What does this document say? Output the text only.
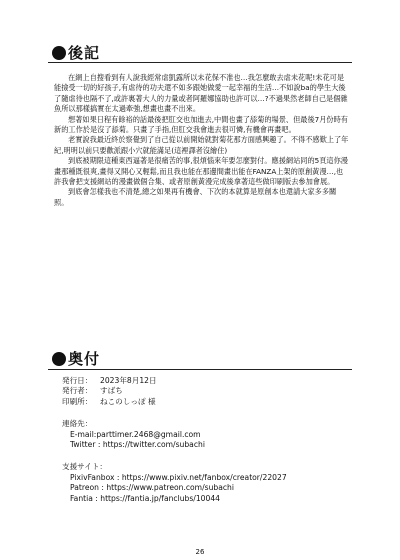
後記

在網上自搜看到有人說我經常虐凱露所以未花保不准也…我怎麼敢去虐未花呢!未花可是能撿受一切的好孩子,有虐待的功夫還不如多跟她做愛一起幸福的生活…不如說ba的學生大後了隨虐待也隔不了,或許裏著大人的力量或者阿羅娜協助也許可以…?不過果然老師自己是個雜魚所以那樣搞實在太過牽強,想畫也畫不出來。

想著如果日程有餘裕的話最後把肛交也加進去,中間也畫了舔菊的場景、但最後7月份時有新的工作於是沒了舔菊。只畫了手指,但肛交我會進去很可憐,有機會再畫吧。

老實說我最近終於察覺到了自己從以前開始就對菊花那方面感興趣了。不得不感歎上了年紀,明明以前只要歡派跟小穴就能滿足(這裡譯者沒繪住)

到底被期限這種東西逼著是很痛苦的事,很煩惱來年要怎麼對付。應援網站同的5頁這你漫畫那種既很爽,畫得又開心又輕鬆,而且我也能在那邊間畫出能在FANZA上架的原創黃漫…,也許我會把支援網站的漫畫做個合集、或者原創黃漫完成後拿著這些做印刷版去參加會展。

到底會怎樣我也不清楚,總之如果再有機會、下次的本就算是原創本也還請大家多多關照。

奥付
発行日：	2023年8月12日
発行者：	すばち
印刷所：	ねこのしっぽ 様
連絡先：
E-mail:parttimer.2468@gmail.com
Twitter : https://twitter.com/subachi
支援サイト：
PixivFanbox : https://www.pixiv.net/fanbox/creator/22027
Patreon : https://www.patreon.com/subachi
Fantia : https://fantia.jp/fanclubs/10044
26
